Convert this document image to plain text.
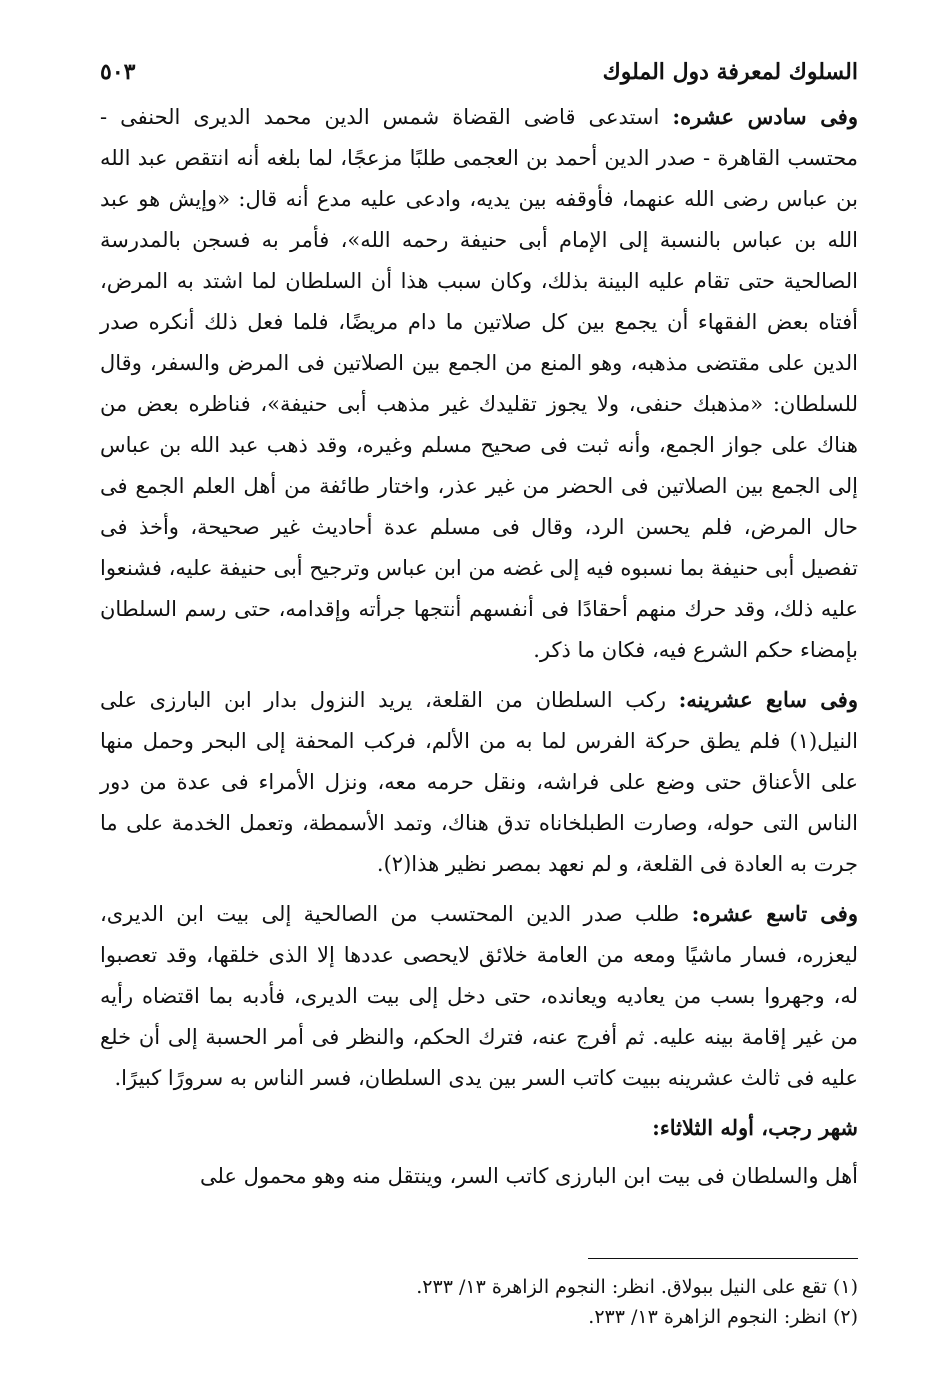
السلوك لمعرفة دول الملوك
٥٠٣

وفى سادس عشره: استدعى قاضى القضاة شمس الدين محمد الديرى الحنفى - محتسب القاهرة - صدر الدين أحمد بن العجمى طلبًا مزعجًا، لما بلغه أنه انتقص عبد الله بن عباس رضى الله عنهما، فأوقفه بين يديه، وادعى عليه مدع أنه قال: «وإيش هو عبد الله بن عباس بالنسبة إلى الإمام أبى حنيفة رحمه الله»، فأمر به فسجن بالمدرسة الصالحية حتى تقام عليه البينة بذلك، وكان سبب هذا أن السلطان لما اشتد به المرض، أفتاه بعض الفقهاء أن يجمع بين كل صلاتين ما دام مريضًا، فلما فعل ذلك أنكره صدر الدين على مقتضى مذهبه، وهو المنع من الجمع بين الصلاتين فى المرض والسفر، وقال للسلطان: «مذهبك حنفى، ولا يجوز تقليدك غير مذهب أبى حنيفة»، فناظره بعض من هناك على جواز الجمع، وأنه ثبت فى صحيح مسلم وغيره، وقد ذهب عبد الله بن عباس إلى الجمع بين الصلاتين فى الحضر من غير عذر، واختار طائفة من أهل العلم الجمع فى حال المرض، فلم يحسن الرد، وقال فى مسلم عدة أحاديث غير صحيحة، وأخذ فى تفصيل أبى حنيفة بما نسبوه فيه إلى غضه من ابن عباس وترجيح أبى حنيفة عليه، فشنعوا عليه ذلك، وقد حرك منهم أحقادًا فى أنفسهم أنتجها جرأته وإقدامه، حتى رسم السلطان بإمضاء حكم الشرع فيه، فكان ما ذكر.

وفى سابع عشرينه: ركب السلطان من القلعة، يريد النزول بدار ابن البارزى على النيل(١) فلم يطق حركة الفرس لما به من الألم، فركب المحفة إلى البحر وحمل منها على الأعناق حتى وضع على فراشه، ونقل حرمه معه، ونزل الأمراء فى عدة من دور الناس التى حوله، وصارت الطبلخاناه تدق هناك، وتمد الأسمطة، وتعمل الخدمة على ما جرت به العادة فى القلعة، و لم نعهد بمصر نظير هذا(٢).

وفى تاسع عشره: طلب صدر الدين المحتسب من الصالحية إلى بيت ابن الديرى، ليعزره، فسار ماشيًا ومعه من العامة خلائق لايحصى عددها إلا الذى خلقها، وقد تعصبوا له، وجهروا بسب من يعاديه ويعانده، حتى دخل إلى بيت الديرى، فأدبه بما اقتضاه رأيه من غير إقامة بينه عليه. ثم أفرج عنه، فترك الحكم، والنظر فى أمر الحسبة إلى أن خلع عليه فى ثالث عشرينه ببيت كاتب السر بين يدى السلطان، فسر الناس به سرورًا كبيرًا.

شهر رجب، أوله الثلاثاء:

أهل والسلطان فى بيت ابن البارزى كاتب السر، وينتقل منه وهو محمول على

(١) تقع على النيل ببولاق. انظر: النجوم الزاهرة ١٣/ ٢٣٣.

(٢) انظر: النجوم الزاهرة ١٣/ ٢٣٣.
